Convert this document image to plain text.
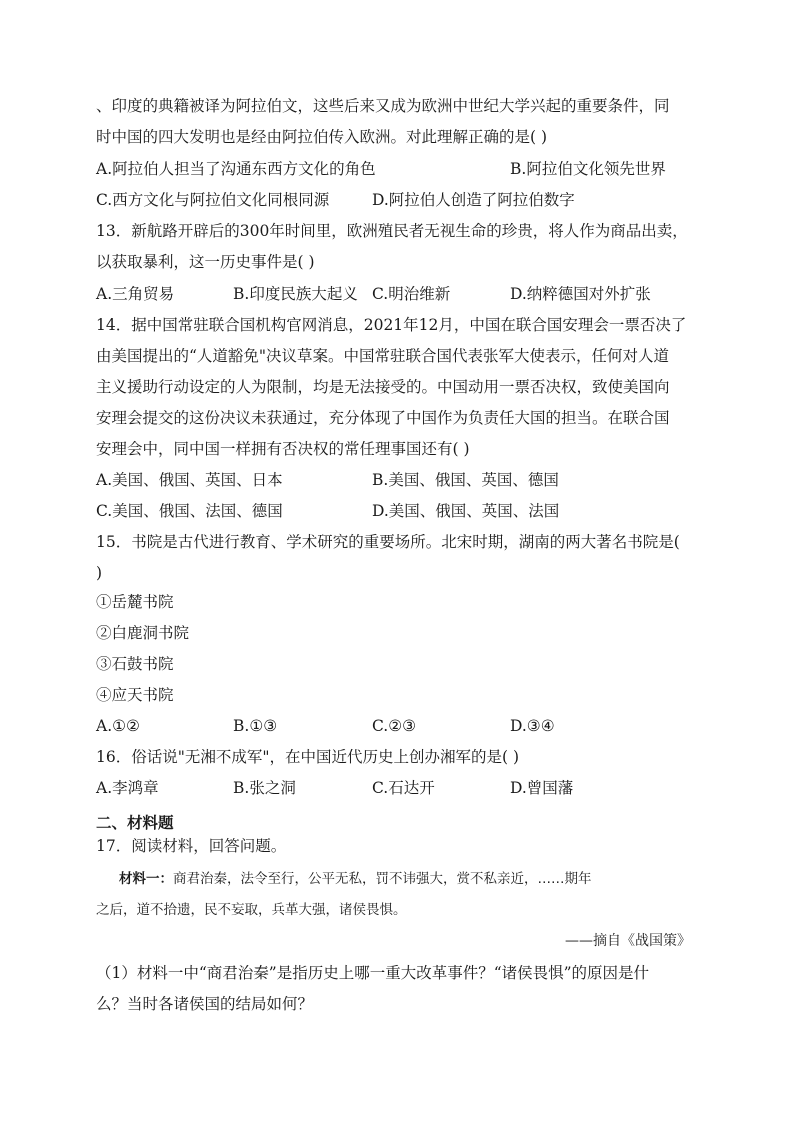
、印度的典籍被译为阿拉伯文，这些后来又成为欧洲中世纪大学兴起的重要条件，同

时中国的四大发明也是经由阿拉伯传入欧洲。对此理解正确的是( )

A.阿拉伯人担当了沟通东西方文化的角色	B.阿拉伯文化领先世界
C.西方文化与阿拉伯文化同根同源	D.阿拉伯人创造了阿拉伯数字

13．新航路开辟后的300年时间里，欧洲殖民者无视生命的珍贵，将人作为商品出卖，

以获取暴利，这一历史事件是( )

A.三角贸易	B.印度民族大起义 C.明治维新	D.纳粹德国对外扩张

14．据中国常驻联合国机构官网消息，2021年12月，中国在联合国安理会一票否决了

由美国提出的“人道豁免"决议草案。中国常驻联合国代表张军大使表示，任何对人道

主义援助行动设定的人为限制，均是无法接受的。中国动用一票否决权，致使美国向

安理会提交的这份决议未获通过，充分体现了中国作为负责任大国的担当。在联合国

安理会中，同中国一样拥有否决权的常任理事国还有( )

A.美国、俄国、英国、日本	B.美国、俄国、英国、德国
C.美国、俄国、法国、德国	D.美国、俄国、英国、法国

15．书院是古代进行教育、学术研究的重要场所。北宋时期，湖南的两大著名书院是(

)

①岳麓书院

②白鹿洞书院

③石鼓书院

④应天书院

A.①②	B.①③	C.②③	D.③④

16．俗话说"无湘不成军"，在中国近代历史上创办湘军的是( )

A.李鸿章	B.张之洞	C.石达开	D.曾国藩

二、材料题

17．阅读材料，回答问题。

材料一：商君治秦，法令至行，公平无私，罚不讳强大，赏不私亲近，……期年

之后，道不拾遗，民不妄取，兵革大强，诸侯畏惧。

——摘自《战国策》

（1）材料一中“商君治秦”是指历史上哪一重大改革事件？“诸侯畏惧”的原因是什

么？当时各诸侯国的结局如何？
